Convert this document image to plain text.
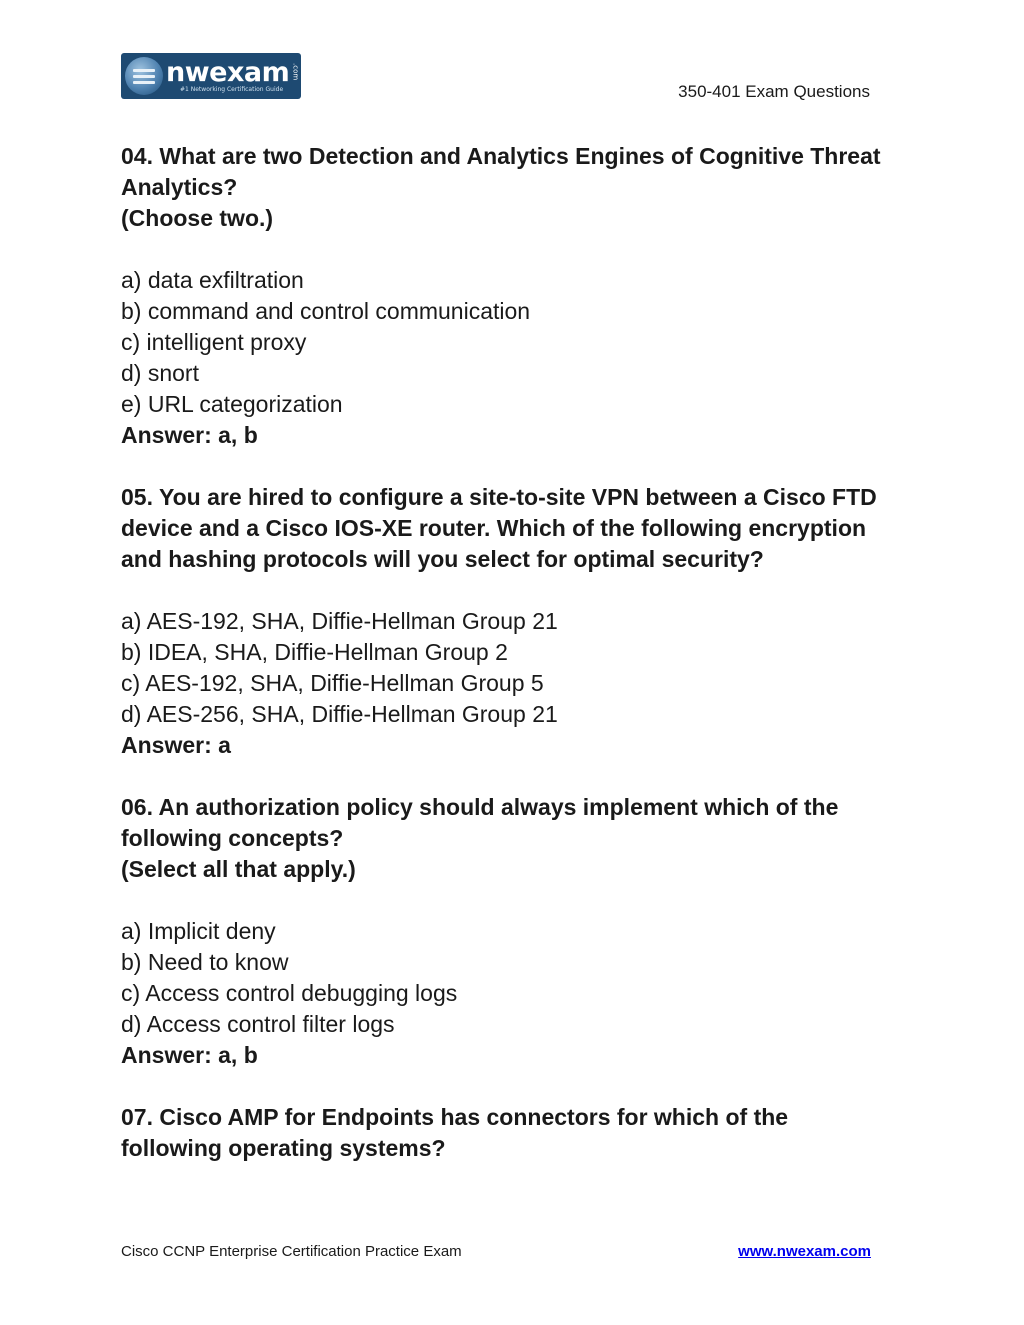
nwexam
#1 Networking Certification Guide
.com
350-401 Exam Questions
04. What are two Detection and Analytics Engines of Cognitive Threat
Analytics?
(Choose two.)
a) data exfiltration
b) command and control communication
c) intelligent proxy
d) snort
e) URL categorization
Answer: a, b
05. You are hired to configure a site-to-site VPN between a Cisco FTD
device and a Cisco IOS-XE router. Which of the following encryption
and hashing protocols will you select for optimal security?
a) AES-192, SHA, Diffie-Hellman Group 21
b) IDEA, SHA, Diffie-Hellman Group 2
c) AES-192, SHA, Diffie-Hellman Group 5
d) AES-256, SHA, Diffie-Hellman Group 21
Answer: a
06. An authorization policy should always implement which of the
following concepts?
(Select all that apply.)
a) Implicit deny
b) Need to know
c) Access control debugging logs
d) Access control filter logs
Answer: a, b
07. Cisco AMP for Endpoints has connectors for which of the
following operating systems?
Cisco CCNP Enterprise Certification Practice Exam	www.nwexam.com
